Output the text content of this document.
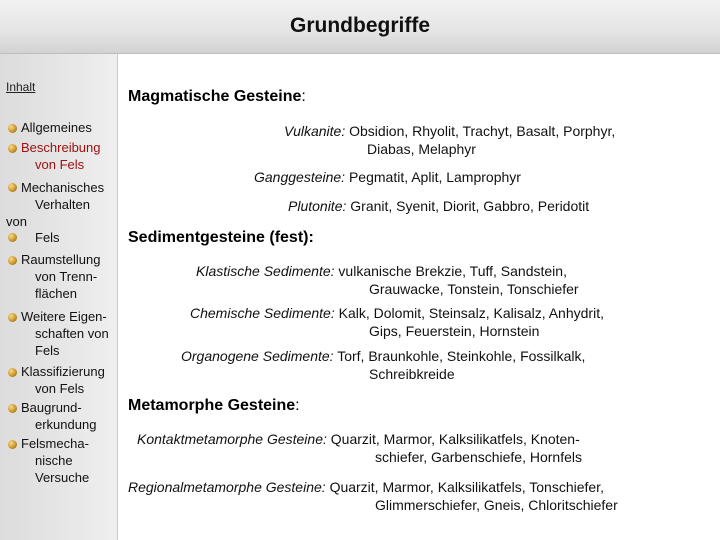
Grundbegriffe
Inhalt
Allgemeines
Beschreibung
von Fels
Mechanisches
Verhalten
von
Fels
Raumstellung
von Trenn-
flächen
Weitere Eigen-
schaften von
Fels
Klassifizierung
von Fels
Baugrund-
erkundung
Felsmecha-
nische
Versuche
Magmatische Gesteine:
Vulkanite: Obsidion, Rhyolit, Trachyt, Basalt, Porphyr,
Diabas, Melaphyr
Ganggesteine: Pegmatit, Aplit, Lamprophyr
Plutonite: Granit, Syenit, Diorit, Gabbro, Peridotit
Sedimentgesteine (fest):
Klastische Sedimente: vulkanische Brekzie, Tuff, Sandstein,
Grauwacke, Tonstein, Tonschiefer
Chemische Sedimente: Kalk, Dolomit, Steinsalz, Kalisalz, Anhydrit,
Gips, Feuerstein, Hornstein
Organogene Sedimente: Torf, Braunkohle, Steinkohle, Fossilkalk,
Schreibkreide
Metamorphe Gesteine:
Kontaktmetamorphe Gesteine: Quarzit, Marmor, Kalksilikatfels, Knoten-
schiefer, Garbenschiefe, Hornfels
Regionalmetamorphe Gesteine: Quarzit, Marmor, Kalksilikatfels, Tonschiefer,
Glimmerschiefer, Gneis, Chloritschiefer
